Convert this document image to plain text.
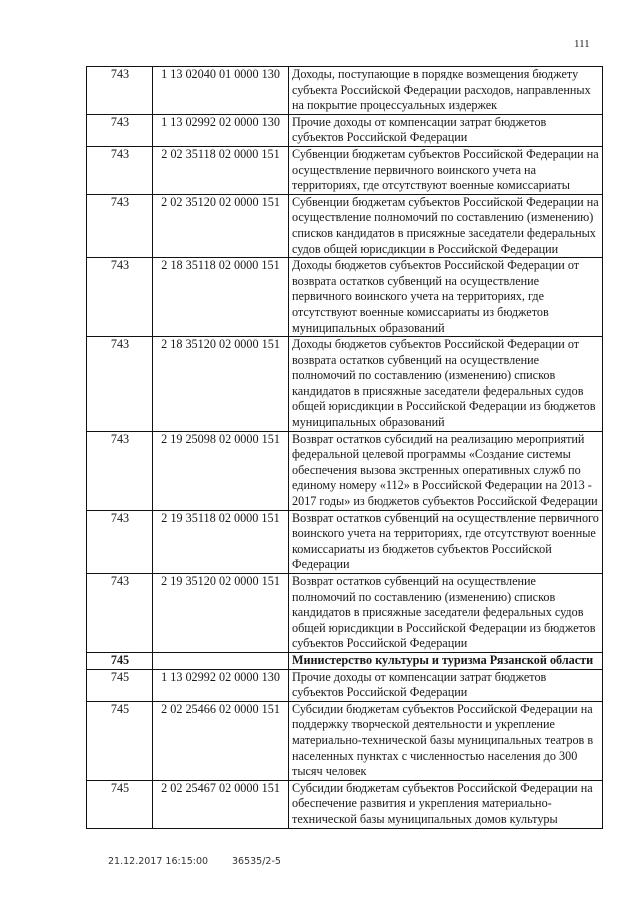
111
743	1 13 02040 01 0000 130	Доходы, поступающие в порядке возмещения бюджету субъекта Российской Федерации расходов, направленных на покрытие процессуальных издержек
743	1 13 02992 02 0000 130	Прочие доходы от компенсации затрат бюджетов субъектов Российской Федерации
743	2 02 35118 02 0000 151	Субвенции бюджетам субъектов Российской Федерации на осуществление первичного воинского учета на территориях, где отсутствуют военные комиссариаты
743	2 02 35120 02 0000 151	Субвенции бюджетам субъектов Российской Федерации на осуществление полномочий по составлению (изменению) списков кандидатов в присяжные заседатели федеральных судов общей юрисдикции в Российской Федерации
743	2 18 35118 02 0000 151	Доходы бюджетов субъектов Российской Федерации от возврата остатков субвенций на осуществление первичного воинского учета на территориях, где отсутствуют военные комиссариаты из бюджетов муниципальных образований
743	2 18 35120 02 0000 151	Доходы бюджетов субъектов Российской Федерации от возврата остатков субвенций на осуществление полномочий по составлению (изменению) списков кандидатов в присяжные заседатели федеральных судов общей юрисдикции в Российской Федерации из бюджетов муниципальных образований
743	2 19 25098 02 0000 151	Возврат остатков субсидий на реализацию мероприятий федеральной целевой программы «Создание системы обеспечения вызова экстренных оперативных служб по единому номеру «112» в Российской Федерации на 2013 - 2017 годы» из бюджетов субъектов Российской Федерации
743	2 19 35118 02 0000 151	Возврат остатков субвенций на осуществление первичного воинского учета на территориях, где отсутствуют военные комиссариаты из бюджетов субъектов Российской Федерации
743	2 19 35120 02 0000 151	Возврат остатков субвенций на осуществление полномочий по составлению (изменению) списков кандидатов в присяжные заседатели федеральных судов общей юрисдикции в Российской Федерации из бюджетов субъектов Российской Федерации
745		Министерство культуры и туризма Рязанской области
745	1 13 02992 02 0000 130	Прочие доходы от компенсации затрат бюджетов субъектов Российской Федерации
745	2 02 25466 02 0000 151	Субсидии бюджетам субъектов Российской Федерации на поддержку творческой деятельности и укрепление материально-технической базы муниципальных театров в населенных пунктах с численностью населения до 300 тысяч человек
745	2 02 25467 02 0000 151	Субсидии бюджетам субъектов Российской Федерации на обеспечение развития и укрепления материально-технической базы муниципальных домов культуры
21.12.2017 16:15:00	36535/2-5
